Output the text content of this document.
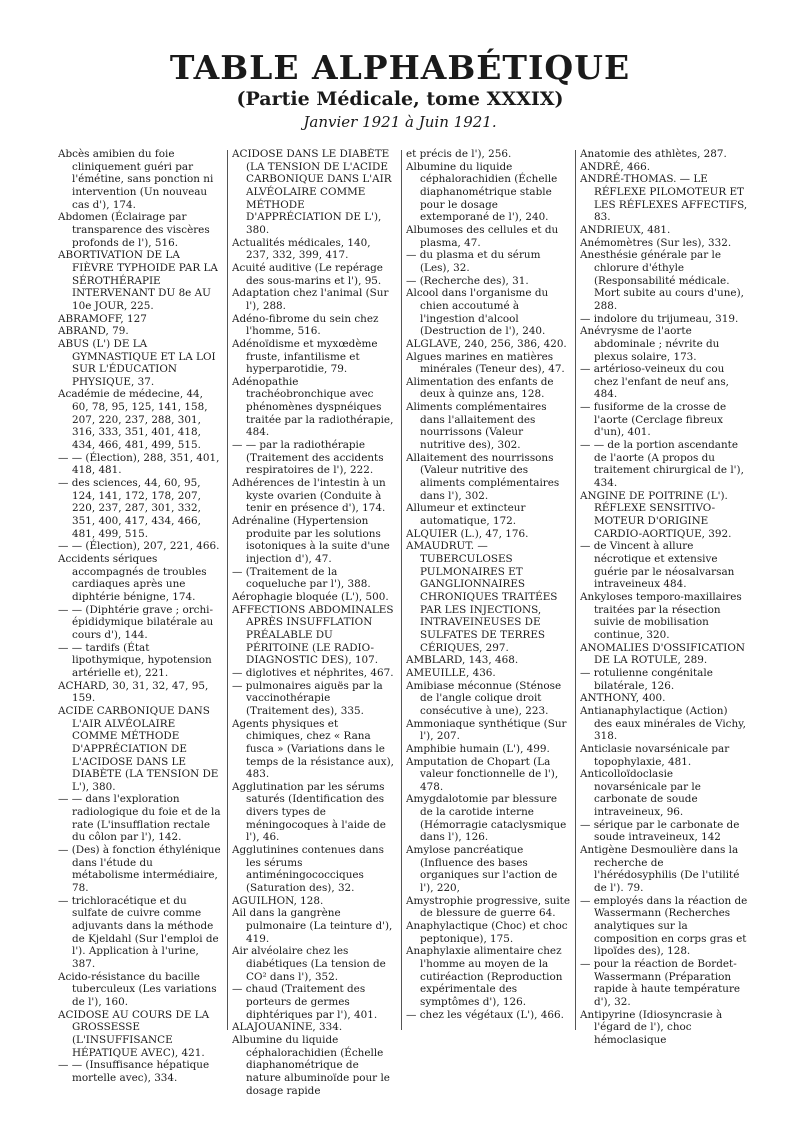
TABLE ALPHABÉTIQUE
(Partie Médicale, tome XXXIX)
Janvier 1921 à Juin 1921.

Abcès amibien du foie cliniquement guéri par l'émétine, sans ponction ni intervention (Un nouveau cas d'), 174.

Abdomen (Éclairage par transparence des viscères profonds de l'), 516.

ABORTIVATION DE LA FIÈVRE TYPHOIDE PAR LA SÉROTHÉRAPIE INTERVENANT DU 8e AU 10e JOUR, 225.

ABRAMOFF, 127

ABRAND, 79.

ABUS (L') DE LA GYMNASTIQUE ET LA LOI SUR L'ÉDUCATION PHYSIQUE, 37.

Académie de médecine, 44, 60, 78, 95, 125, 141, 158, 207, 220, 237, 288, 301, 316, 333, 351, 401, 418, 434, 466, 481, 499, 515.

— — (Élection), 288, 351, 401, 418, 481.

— des sciences, 44, 60, 95, 124, 141, 172, 178, 207, 220, 237, 287, 301, 332, 351, 400, 417, 434, 466, 481, 499, 515.

— — (Élection), 207, 221, 466.

Accidents sériques accompagnés de troubles cardiaques après une diphtérie bénigne, 174.

— — (Diphtérie grave ; orchi-épididymique bilatérale au cours d'), 144.

— — tardifs (État lipothymique, hypotension artérielle et), 221.

ACHARD, 30, 31, 32, 47, 95, 159.

ACIDE CARBONIQUE DANS L'AIR ALVÉOLAIRE COMME MÉTHODE D'APPRÉCIATION DE L'ACIDOSE DANS LE DIABÈTE (LA TENSION DE L'), 380.

— — dans l'exploration radiologique du foie et de la rate (L'insufflation rectale du côlon par l'), 142.

— (Des) à fonction éthylénique dans l'étude du métabolisme intermédiaire, 78.

— trichloracétique et du sulfate de cuivre comme adjuvants dans la méthode de Kjeldahl (Sur l'emploi de l'). Application à l'urine, 387.

Acido-résistance du bacille tuberculeux (Les variations de l'), 160.

ACIDOSE AU COURS DE LA GROSSESSE (L'INSUFFISANCE HÉPATIQUE AVEC), 421.

— — (Insuffisance hépatique mortelle avec), 334.

ACIDOSE DANS LE DIABÈTE (LA TENSION DE L'ACIDE CARBONIQUE DANS L'AIR ALVÉOLAIRE COMME MÉTHODE D'APPRÉCIATION DE L'), 380.

Actualités médicales, 140, 237, 332, 399, 417.

Acuité auditive (Le repérage des sous-marins et l'), 95.

Adaptation chez l'animal (Sur l'), 288.

Adéno-fibrome du sein chez l'homme, 516.

Adénoïdisme et myxœdème fruste, infantilisme et hyperparotidie, 79.

Adénopathie trachéobronchique avec phénomènes dyspnéiques traitée par la radiothérapie, 484.

— — par la radiothérapie (Traitement des accidents respiratoires de l'), 222.

Adhérences de l'intestin à un kyste ovarien (Conduite à tenir en présence d'), 174.

Adrénaline (Hypertension produite par les solutions isotoniques à la suite d'une injection d'), 47.

— (Traitement de la coqueluche par l'), 388.

Aérophagie bloquée (L'), 500.

AFFECTIONS ABDOMINALES APRÈS INSUFFLATION PRÉALABLE DU PÉRITOINE (LE RADIO-DIAGNOSTIC DES), 107.

— diglotives et néphrites, 467.

— pulmonaires aiguës par la vaccinothérapie (Traitement des), 335.

Agents physiques et chimiques, chez « Rana fusca » (Variations dans le temps de la résistance aux), 483.

Agglutination par les sérums saturés (Identification des divers types de méningocoques à l'aide de l'), 46.

Agglutinines contenues dans les sérums antiméningococciques (Saturation des), 32.

AGUILHON, 128.

Ail dans la gangrène pulmonaire (La teinture d'), 419.

Air alvéolaire chez les diabétiques (La tension de CO² dans l'), 352.

— chaud (Traitement des porteurs de germes diphtériques par l'), 401.

ALAJOUANINE, 334.

Albumine du liquide céphalorachidien (Échelle diaphanométrique de nature albuminoïde pour le dosage rapide

et précis de l'), 256.

Albumine du liquide céphalorachidien (Échelle diaphanométrique stable pour le dosage extemporané de l'), 240.

Albumoses des cellules et du plasma, 47.

— du plasma et du sérum (Les), 32.

— (Recherche des), 31.

Alcool dans l'organisme du chien accoutumé à l'ingestion d'alcool (Destruction de l'), 240.

ALGLAVE, 240, 256, 386, 420.

Algues marines en matières minérales (Teneur des), 47.

Alimentation des enfants de deux à quinze ans, 128.

Aliments complémentaires dans l'allaitement des nourrissons (Valeur nutritive des), 302.

Allaitement des nourrissons (Valeur nutritive des aliments complémentaires dans l'), 302.

Allumeur et extincteur automatique, 172.

ALQUIER (L.), 47, 176.

AMAUDRUT. — TUBERCULOSES PULMONAIRES ET GANGLIONNAIRES CHRONIQUES TRAITÉES PAR LES INJECTIONS, INTRAVEINEUSES DE SULFATES DE TERRES CÉRIQUES, 297.

AMBLARD, 143, 468.

AMEUILLE, 436.

Amibiase méconnue (Sténose de l'angle colique droit consécutive à une), 223.

Ammoniaque synthétique (Sur l'), 207.

Amphibie humain (L'), 499.

Amputation de Chopart (La valeur fonctionnelle de l'), 478.

Amygdalotomie par blessure de la carotide interne (Hémorragie cataclysmique dans l'), 126.

Amylose pancréatique (Influence des bases organiques sur l'action de l'), 220,

Amystrophie progressive, suite de blessure de guerre 64.

Anaphylactique (Choc) et choc peptonique), 175.

Anaphylaxie alimentaire chez l'homme au moyen de la cutiréaction (Reproduction expérimentale des symptômes d'), 126.

— chez les végétaux (L'), 466.

Anatomie des athlètes, 287.

ANDRÉ, 466.

ANDRÉ-THOMAS. — LE RÉFLEXE PILOMOTEUR ET LES RÉFLEXES AFFECTIFS, 83.

ANDRIEUX, 481.

Anémomètres (Sur les), 332.

Anesthésie générale par le chlorure d'éthyle (Responsabilité médicale. Mort subite au cours d'une), 288.

— indolore du trijumeau, 319.

Anévrysme de l'aorte abdominale ; névrite du plexus solaire, 173.

— artérioso-veineux du cou chez l'enfant de neuf ans, 484.

— fusiforme de la crosse de l'aorte (Cerclage fibreux d'un), 401.

— — de la portion ascendante de l'aorte (A propos du traitement chirurgical de l'), 434.

ANGINE DE POITRINE (L'). RÉFLEXE SENSITIVO-MOTEUR D'ORIGINE CARDIO-AORTIQUE, 392.

— de Vincent à allure nécrotique et extensive guérie par le néosalvarsan intraveineux 484.

Ankyloses temporo-maxillaires traitées par la résection suivie de mobilisation continue, 320.

ANOMALIES D'OSSIFICATION DE LA ROTULE, 289.

— rotulienne congénitale bilatérale, 126.

ANTHONY, 400.

Antianaphylactique (Action) des eaux minérales de Vichy, 318.

Anticlasie novarsénicale par topophylaxie, 481.

Anticolloïdoclasie novarsénicale par le carbonate de soude intraveineux, 96.

— sérique par le carbonate de soude intraveineux, 142

Antigène Desmoulière dans la recherche de l'hérédosyphilis (De l'utilité de l'). 79.

— employés dans la réaction de Wassermann (Recherches analytiques sur la composition en corps gras et lipoïdes des), 128.

— pour la réaction de Bordet-Wassermann (Préparation rapide à haute température d'), 32.

Antipyrine (Idiosyncrasie à l'égard de l'), choc hémoclasique
